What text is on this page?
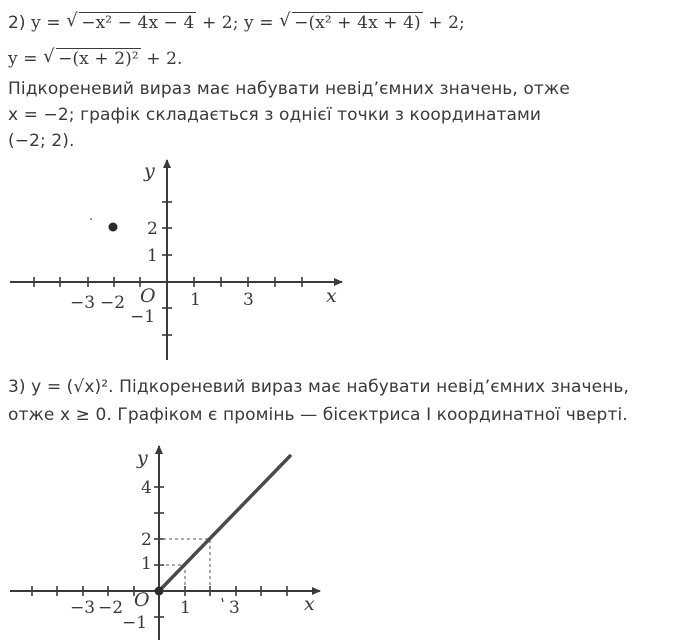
2) y = √ −x² − 4x − 4 + 2; y = √ −(x² + 4x + 4) + 2;
y = √ −(x + 2)² + 2.
Підкореневий вираз має набувати невід’ємних значень, отже
x = −2; графік складається з однієї точки з координатами
(−2; 2).
3) y = (√x)². Підкореневий вираз має набувати невід’ємних значень,
отже x ≥ 0. Графіком є промінь — бісектриса I координатної чверті.
x
y
O
−3 −2	1 3
2
1
−1
x
y
O
−3 −2	1 3
4
2
1
−1
